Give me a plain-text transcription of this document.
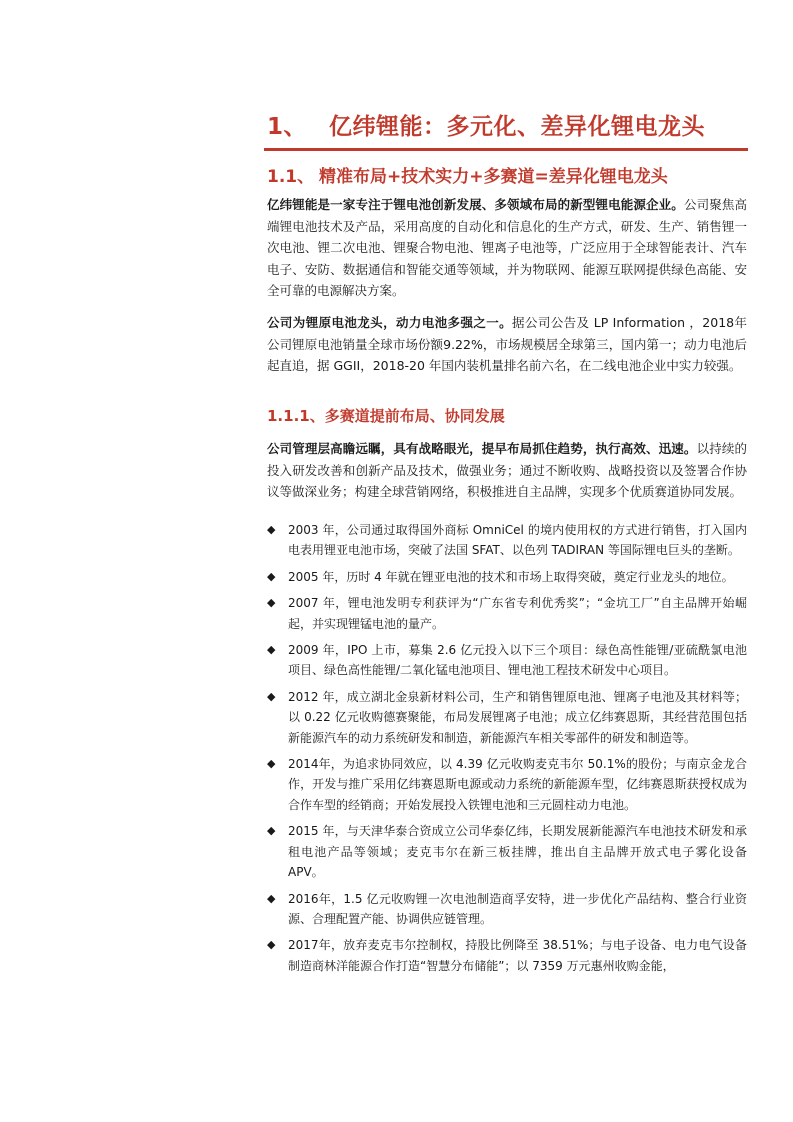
1、 亿纬锂能：多元化、差异化锂电龙头
1.1、 精准布局+技术实力+多赛道=差异化锂电龙头

亿纬锂能是一家专注于锂电池创新发展、多领域布局的新型锂电能源企业。公司聚焦高端锂电池技术及产品，采用高度的自动化和信息化的生产方式，研发、生产、销售锂一次电池、锂二次电池、锂聚合物电池、锂离子电池等，广泛应用于全球智能表计、汽车电子、安防、数据通信和智能交通等领域，并为物联网、能源互联网提供绿色高能、安全可靠的电源解决方案。

公司为锂原电池龙头，动力电池多强之一。据公司公告及 LP Information ，2018年公司锂原电池销量全球市场份额9.22%，市场规模居全球第三，国内第一；动力电池后起直追，据 GGII，2018-20 年国内装机量排名前六名，在二线电池企业中实力较强。

1.1.1、多赛道提前布局、协同发展

公司管理层高瞻远瞩，具有战略眼光，提早布局抓住趋势，执行高效、迅速。以持续的投入研发改善和创新产品及技术，做强业务；通过不断收购、战略投资以及签署合作协议等做深业务；构建全球营销网络，积极推进自主品牌，实现多个优质赛道协同发展。

◆ 2003 年，公司通过取得国外商标 OmniCel 的境内使用权的方式进行销售，打入国内电表用锂亚电池市场，突破了法国 SFAT、以色列 TADIRAN 等国际锂电巨头的垄断。
◆ 2005 年，历时 4 年就在锂亚电池的技术和市场上取得突破，奠定行业龙头的地位。
◆ 2007 年，锂电池发明专利获评为“广东省专利优秀奖”；“金坑工厂”自主品牌开始崛起，并实现锂锰电池的量产。
◆ 2009 年，IPO 上市，募集 2.6 亿元投入以下三个项目：绿色高性能锂/亚硫酰氯电池项目、绿色高性能锂/二氧化锰电池项目、锂电池工程技术研发中心项目。
◆ 2012 年，成立湖北金泉新材料公司，生产和销售锂原电池、锂离子电池及其材料等；以 0.22 亿元收购德赛聚能，布局发展锂离子电池；成立亿纬赛恩斯，其经营范围包括新能源汽车的动力系统研发和制造，新能源汽车相关零部件的研发和制造等。
◆ 2014年，为追求协同效应，以 4.39 亿元收购麦克韦尔 50.1%的股份；与南京金龙合作，开发与推广采用亿纬赛恩斯电源或动力系统的新能源车型，亿纬赛恩斯获授权成为合作车型的经销商；开始发展投入铁锂电池和三元圆柱动力电池。
◆ 2015 年，与天津华泰合资成立公司华泰亿纬，长期发展新能源汽车电池技术研发和承租电池产品等领域；麦克韦尔在新三板挂牌，推出自主品牌开放式电子雾化设备 APV。
◆ 2016年，1.5 亿元收购锂一次电池制造商孚安特，进一步优化产品结构、整合行业资源、合理配置产能、协调供应链管理。
◆ 2017年，放弃麦克韦尔控制权，持股比例降至 38.51%；与电子设备、电力电气设备制造商林洋能源合作打造“智慧分布储能”；以 7359 万元惠州收购金能，
